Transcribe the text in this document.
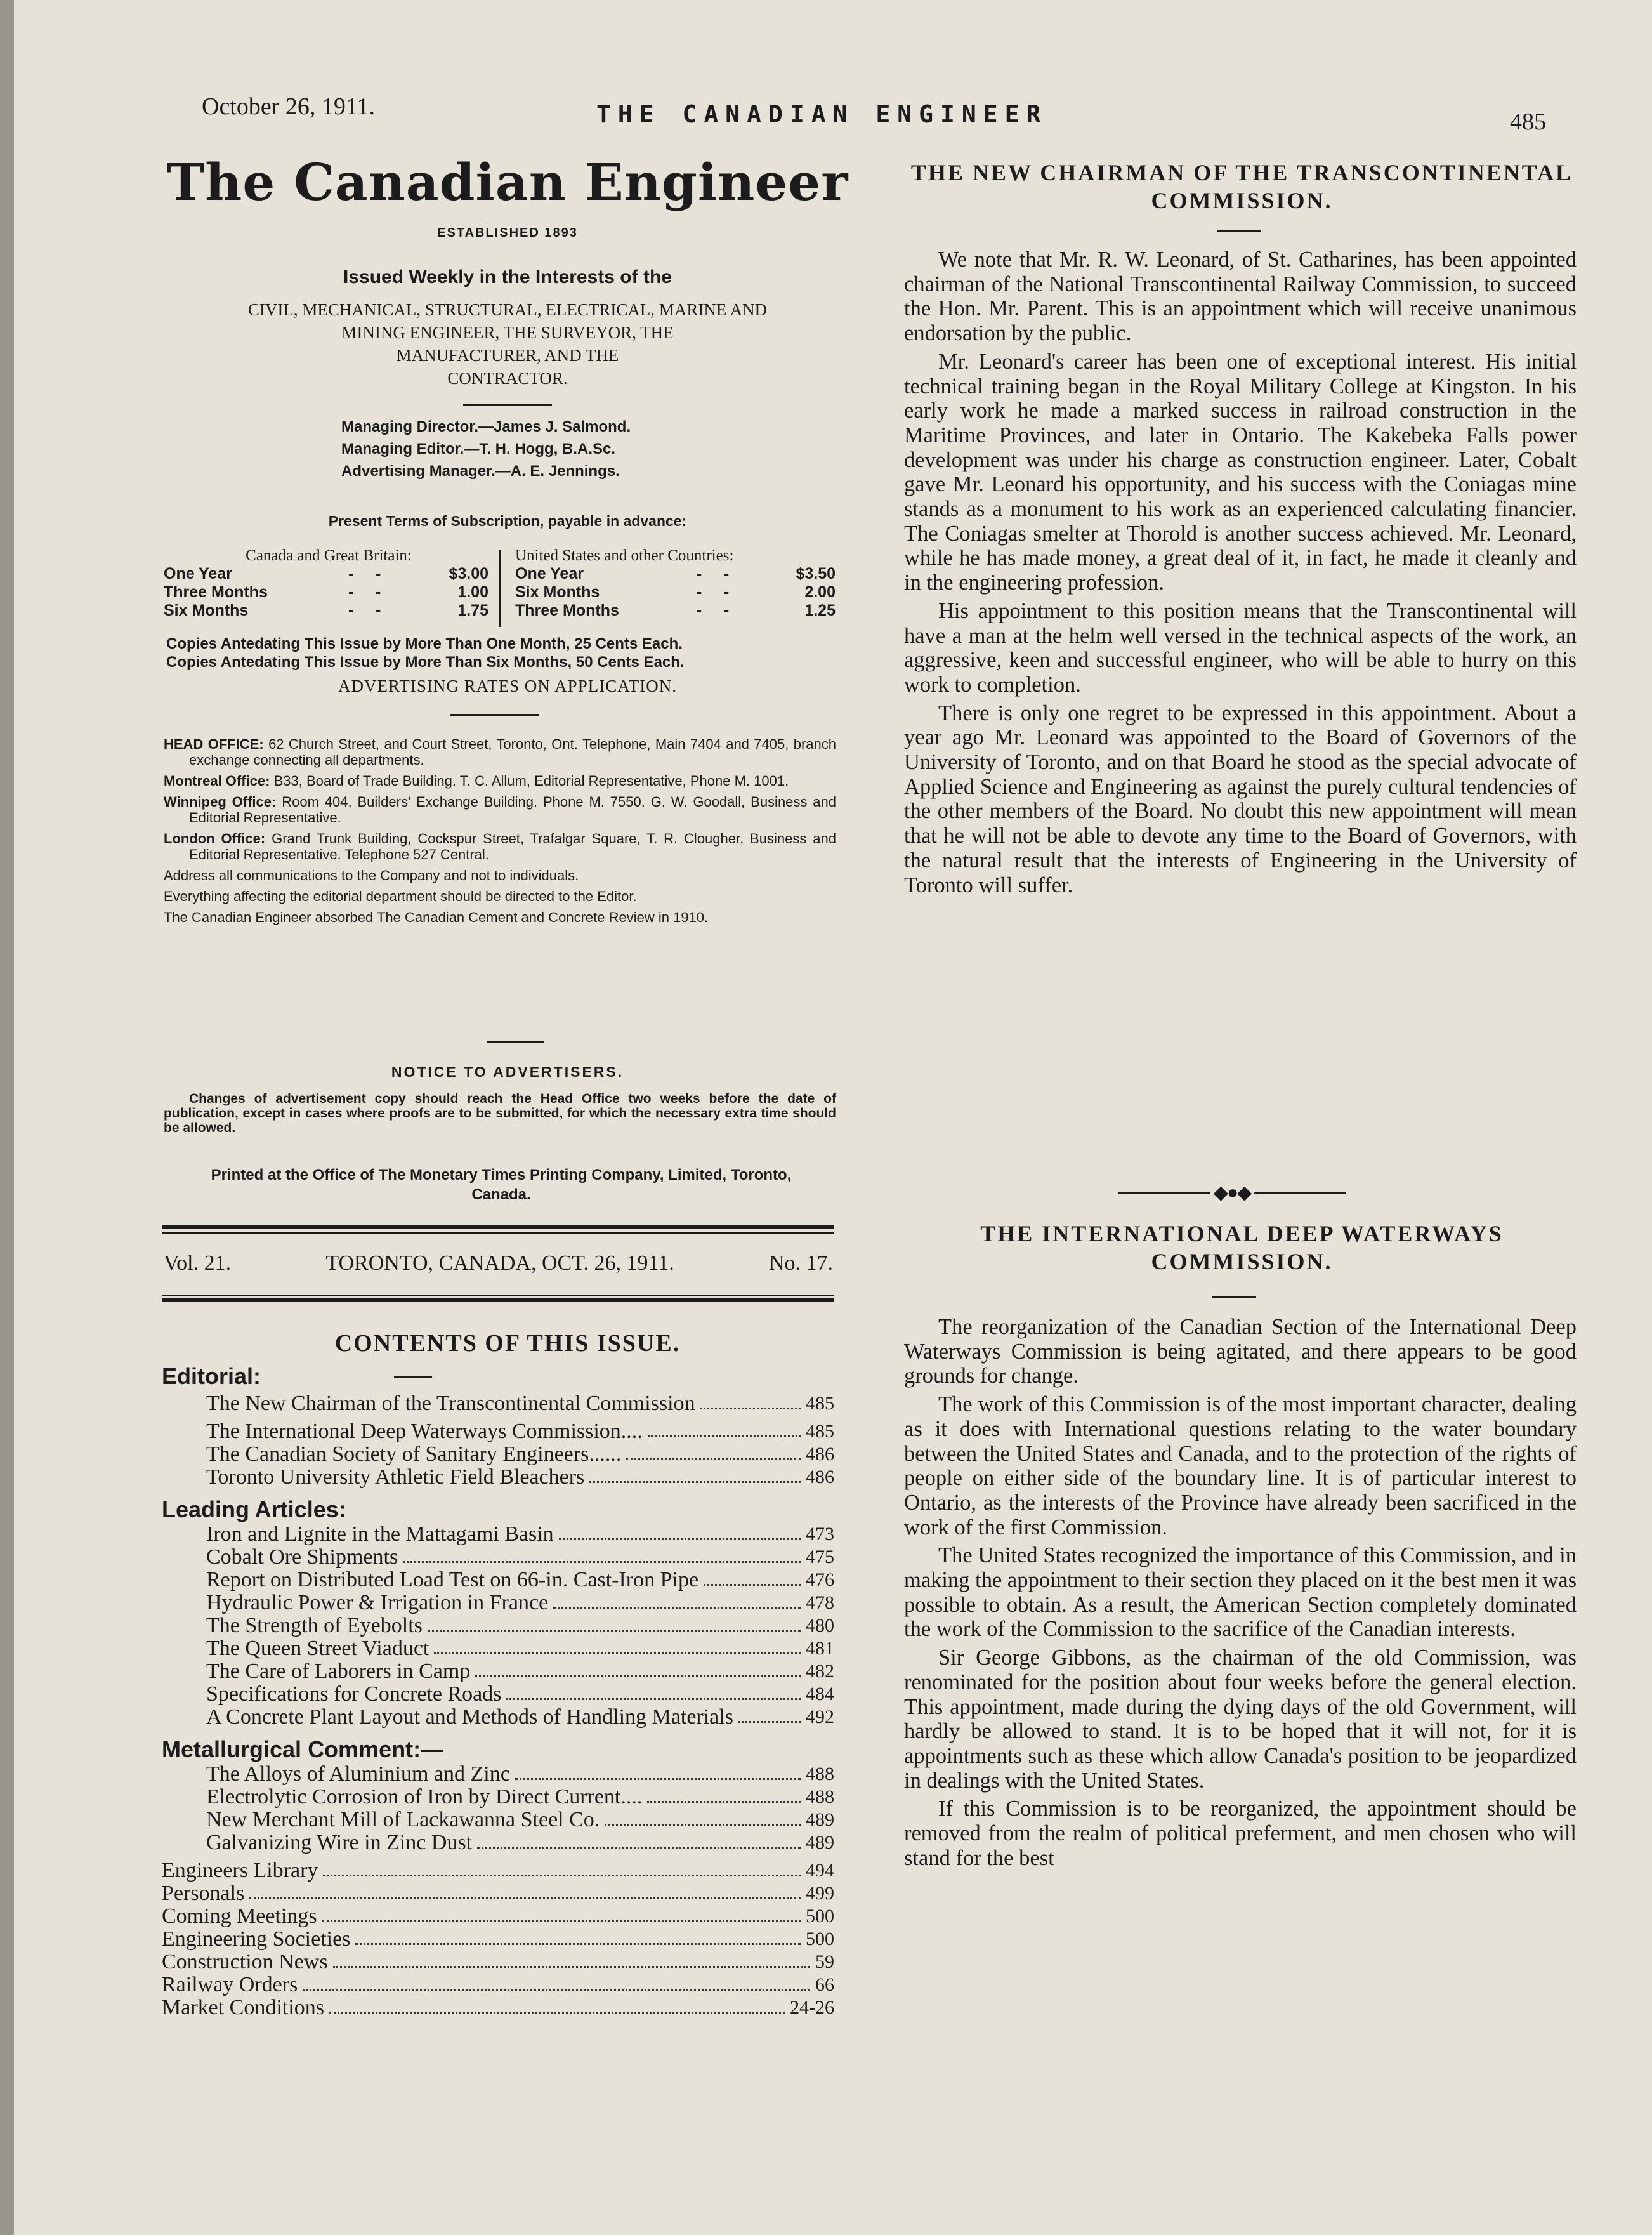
October 26, 1911.	THE CANADIAN ENGINEER	485
The Canadian Engineer
ESTABLISHED 1893
Issued Weekly in the Interests of the
CIVIL, MECHANICAL, STRUCTURAL, ELECTRICAL, MARINE AND
MINING ENGINEER, THE SURVEYOR, THE
MANUFACTURER, AND THE
CONTRACTOR.
Managing Director.—James J. Salmond.
Managing Editor.—T. H. Hogg, B.A.Sc.
Advertising Manager.—A. E. Jennings.
Present Terms of Subscription, payable in advance:
Canada and Great Britain:
One Year	-     -	$3.00
Three Months	-     -	1.00
Six Months	-     -	1.75
United States and other Countries:
One Year	-     -	$3.50
Six Months	-     -	2.00
Three Months	-     -	1.25
Copies Antedating This Issue by More Than One Month, 25 Cents Each.
Copies Antedating This Issue by More Than Six Months, 50 Cents Each.
ADVERTISING RATES ON APPLICATION.

HEAD OFFICE: 62 Church Street, and Court Street, Toronto, Ont. Telephone, Main 7404 and 7405, branch exchange connecting all departments.

Montreal Office: B33, Board of Trade Building. T. C. Allum, Editorial Representative, Phone M. 1001.

Winnipeg Office: Room 404, Builders' Exchange Building. Phone M. 7550. G. W. Goodall, Business and Editorial Representative.

London Office: Grand Trunk Building, Cockspur Street, Trafalgar Square, T. R. Clougher, Business and Editorial Representative. Telephone 527 Central.

Address all communications to the Company and not to individuals.

Everything affecting the editorial department should be directed to the Editor.

The Canadian Engineer absorbed The Canadian Cement and Concrete Review in 1910.

NOTICE TO ADVERTISERS.
Changes of advertisement copy should reach the Head Office two weeks before the date of publication, except in cases where proofs are to be submitted, for which the necessary extra time should be allowed.
Printed at the Office of The Monetary Times Printing Company, Limited, Toronto, Canada.
Vol. 21.	TORONTO, CANADA, OCT. 26, 1911.	No. 17.
CONTENTS OF THIS ISSUE.
Editorial:
The New Chairman of the Transcontinental Commission	485
The International Deep Waterways Commission....	485
The Canadian Society of Sanitary Engineers......	486
Toronto University Athletic Field Bleachers	486
Leading Articles:
Iron and Lignite in the Mattagami Basin	473
Cobalt Ore Shipments	475
Report on Distributed Load Test on 66-in. Cast-Iron Pipe	476
Hydraulic Power & Irrigation in France	478
The Strength of Eyebolts	480
The Queen Street Viaduct	481
The Care of Laborers in Camp	482
Specifications for Concrete Roads	484
A Concrete Plant Layout and Methods of Handling Materials	492
Metallurgical Comment:—
The Alloys of Aluminium and Zinc	488
Electrolytic Corrosion of Iron by Direct Current....	488
New Merchant Mill of Lackawanna Steel Co.	489
Galvanizing Wire in Zinc Dust	489
Engineers Library	494
Personals	499
Coming Meetings	500
Engineering Societies	500
Construction News	59
Railway Orders	66
Market Conditions	24-26
THE NEW CHAIRMAN OF THE TRANSCONTINENTAL COMMISSION.

We note that Mr. R. W. Leonard, of St. Catharines, has been appointed chairman of the National Transcontinental Railway Commission, to succeed the Hon. Mr. Parent. This is an appointment which will receive unanimous endorsation by the public.

Mr. Leonard's career has been one of exceptional interest. His initial technical training began in the Royal Military College at Kingston. In his early work he made a marked success in railroad construction in the Maritime Provinces, and later in Ontario. The Kakebeka Falls power development was under his charge as construction engineer. Later, Cobalt gave Mr. Leonard his opportunity, and his success with the Coniagas mine stands as a monument to his work as an experienced calculating financier. The Coniagas smelter at Thorold is another success achieved. Mr. Leonard, while he has made money, a great deal of it, in fact, he made it cleanly and in the engineering profession.

His appointment to this position means that the Transcontinental will have a man at the helm well versed in the technical aspects of the work, an aggressive, keen and successful engineer, who will be able to hurry on this work to completion.

There is only one regret to be expressed in this appointment. About a year ago Mr. Leonard was appointed to the Board of Governors of the University of Toronto, and on that Board he stood as the special advocate of Applied Science and Engineering as against the purely cultural tendencies of the other members of the Board. No doubt this new appointment will mean that he will not be able to devote any time to the Board of Governors, with the natural result that the interests of Engineering in the University of Toronto will suffer.

◆●◆
THE INTERNATIONAL DEEP WATERWAYS COMMISSION.

The reorganization of the Canadian Section of the International Deep Waterways Commission is being agitated, and there appears to be good grounds for change.

The work of this Commission is of the most important character, dealing as it does with International questions relating to the water boundary between the United States and Canada, and to the protection of the rights of people on either side of the boundary line. It is of particular interest to Ontario, as the interests of the Province have already been sacrificed in the work of the first Commission.

The United States recognized the importance of this Commission, and in making the appointment to their section they placed on it the best men it was possible to obtain. As a result, the American Section completely dominated the work of the Commission to the sacrifice of the Canadian interests.

Sir George Gibbons, as the chairman of the old Commission, was renominated for the position about four weeks before the general election. This appointment, made during the dying days of the old Government, will hardly be allowed to stand. It is to be hoped that it will not, for it is appointments such as these which allow Canada's position to be jeopardized in dealings with the United States.

If this Commission is to be reorganized, the appointment should be removed from the realm of political preferment, and men chosen who will stand for the best
